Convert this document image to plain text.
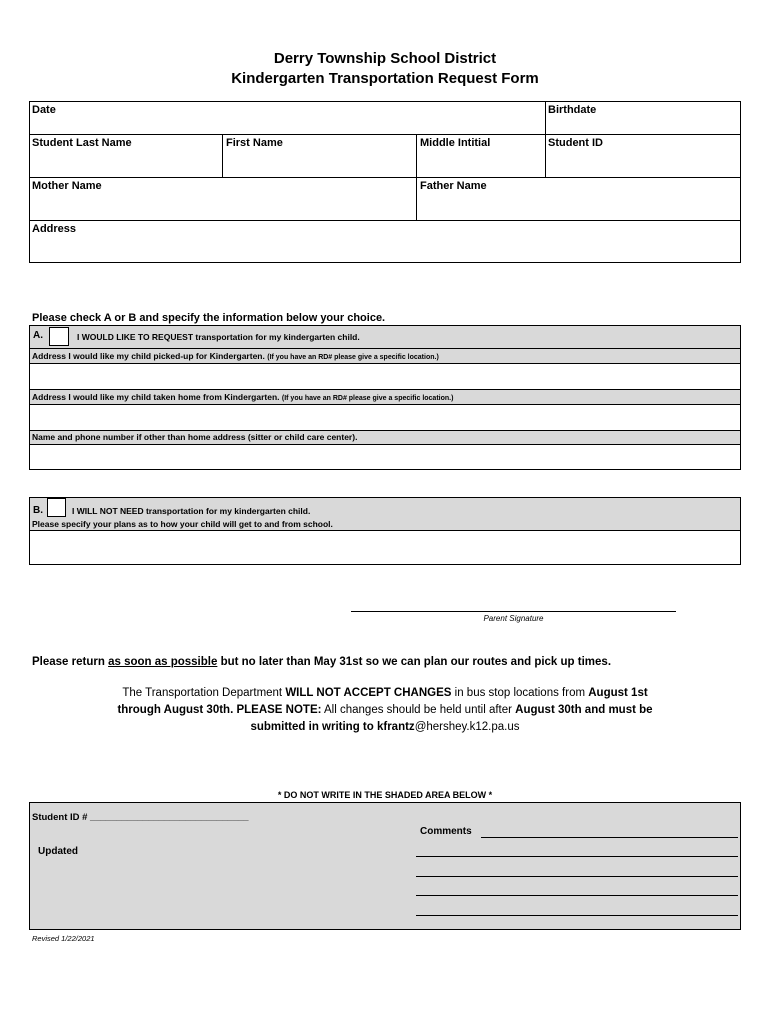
Derry Township School District
Kindergarten Transportation Request Form
Date	Birthdate
Student Last Name	First Name	Middle Intitial	Student ID
Mother Name	Father Name
Address
Please check A or B and specify the information below your choice.
A.	I WOULD LIKE TO REQUEST transportation for my kindergarten child.
Address I would like my child picked-up for Kindergarten. (If you have an RD# please give a specific location.)
Address I would like my child taken home from Kindergarten. (If you have an RD# please give a specific location.)
Name and phone number if other than home address (sitter or child care center).
B.	I WILL NOT NEED transportation for my kindergarten child.
Please specify your plans as to how your child will get to and from school.
Parent Signature
Please return as soon as possible but no later than May 31st so we can plan our routes and pick up times.
The Transportation Department WILL NOT ACCEPT CHANGES in bus stop locations from August 1st
through August 30th. PLEASE NOTE: All changes should be held until after August 30th and must be
submitted in writing to kfrantz@hershey.k12.pa.us
* DO NOT WRITE IN THE SHADED AREA BELOW *
Student ID # ______________________________
Comments
Updated
Revised 1/22/2021
